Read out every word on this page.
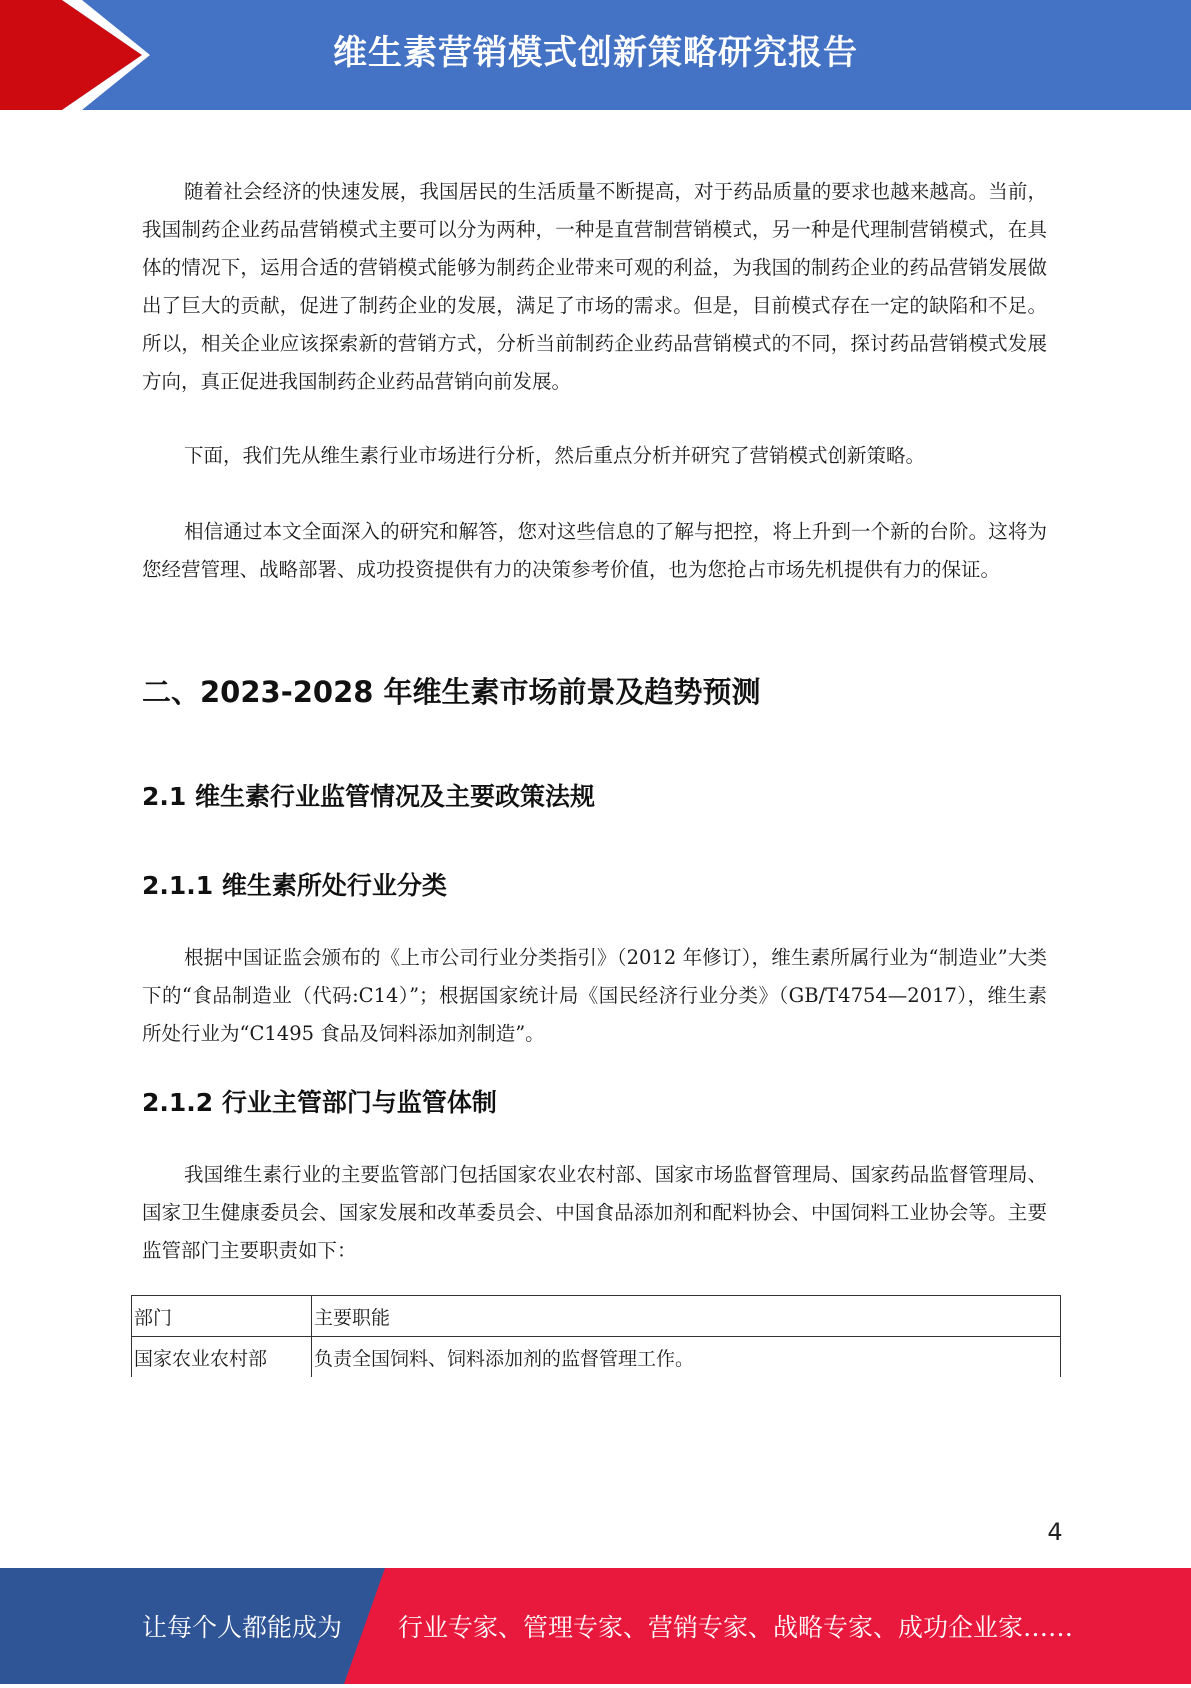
维生素营销模式创新策略研究报告

随着社会经济的快速发展，我国居民的生活质量不断提高，对于药品质量的要求也越来越高。当前，我国制药企业药品营销模式主要可以分为两种，一种是直营制营销模式，另一种是代理制营销模式，在具体的情况下，运用合适的营销模式能够为制药企业带来可观的利益，为我国的制药企业的药品营销发展做出了巨大的贡献，促进了制药企业的发展，满足了市场的需求。但是，目前模式存在一定的缺陷和不足。所以，相关企业应该探索新的营销方式，分析当前制药企业药品营销模式的不同，探讨药品营销模式发展方向，真正促进我国制药企业药品营销向前发展。

下面，我们先从维生素行业市场进行分析，然后重点分析并研究了营销模式创新策略。

相信通过本文全面深入的研究和解答，您对这些信息的了解与把控，将上升到一个新的台阶。这将为您经营管理、战略部署、成功投资提供有力的决策参考价值，也为您抢占市场先机提供有力的保证。

二、2023-2028 年维生素市场前景及趋势预测
2.1 维生素行业监管情况及主要政策法规
2.1.1 维生素所处行业分类

根据中国证监会颁布的《上市公司行业分类指引》（2012 年修订），维生素所属行业为“制造业”大类下的“食品制造业（代码:C14）”；根据国家统计局《国民经济行业分类》（GB/T4754—2017），维生素所处行业为“C1495 食品及饲料添加剂制造”。

2.1.2 行业主管部门与监管体制

我国维生素行业的主要监管部门包括国家农业农村部、国家市场监督管理局、国家药品监督管理局、国家卫生健康委员会、国家发展和改革委员会、中国食品添加剂和配料协会、中国饲料工业协会等。主要监管部门主要职责如下：

部门	主要职能
国家农业农村部	负责全国饲料、饲料添加剂的监督管理工作。
4
让每个人都能成为 行业专家、管理专家、营销专家、战略专家、成功企业家……
